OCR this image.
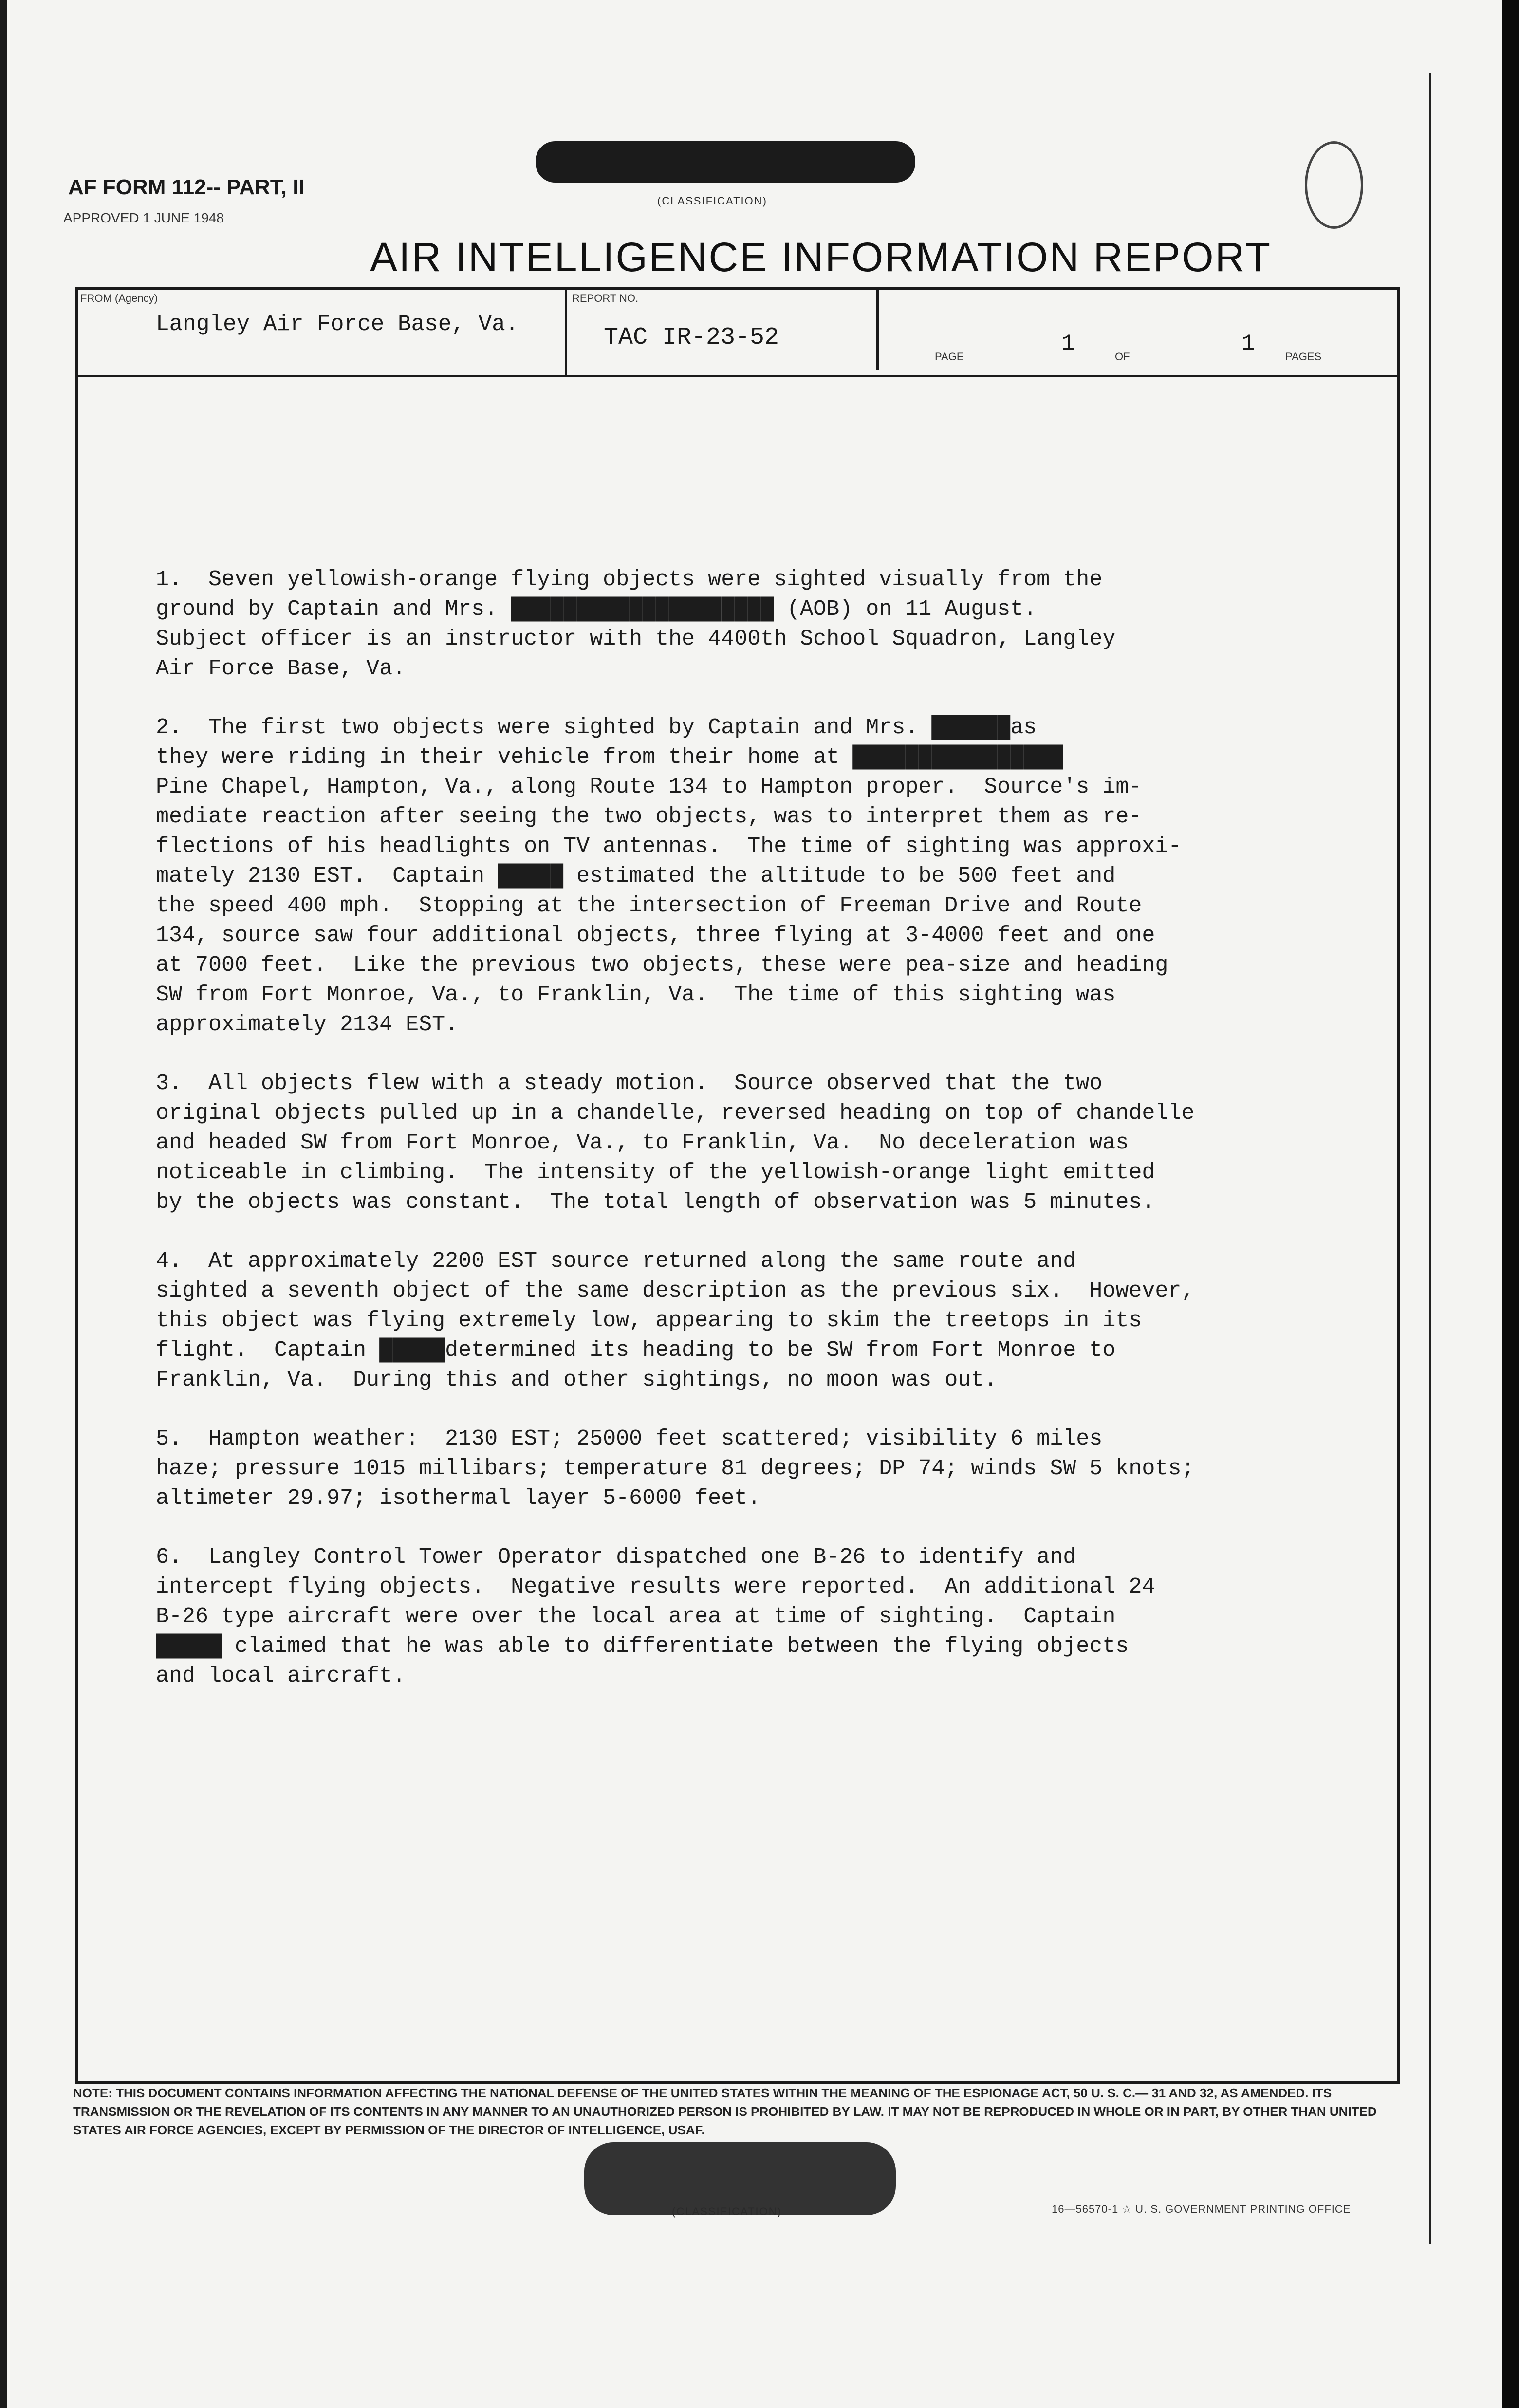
(CLASSIFICATION)
AF FORM 112-- PART, II
APPROVED 1 JUNE 1948
AIR INTELLIGENCE INFORMATION REPORT
FROM (Agency)
Langley Air Force Base, Va.
REPORT NO.
TAC IR-23-52
PAGE
1
OF
1
PAGES

1.  Seven yellowish-orange flying objects were sighted visually from the
ground by Captain and Mrs. ████████████████████ (AOB) on 11 August.
Subject officer is an instructor with the 4400th School Squadron, Langley
Air Force Base, Va.

2.  The first two objects were sighted by Captain and Mrs. ██████as
they were riding in their vehicle from their home at ████████████████
Pine Chapel, Hampton, Va., along Route 134 to Hampton proper.  Source's im-
mediate reaction after seeing the two objects, was to interpret them as re-
flections of his headlights on TV antennas.  The time of sighting was approxi-
mately 2130 EST.  Captain █████ estimated the altitude to be 500 feet and
the speed 400 mph.  Stopping at the intersection of Freeman Drive and Route
134, source saw four additional objects, three flying at 3-4000 feet and one
at 7000 feet.  Like the previous two objects, these were pea-size and heading
SW from Fort Monroe, Va., to Franklin, Va.  The time of this sighting was
approximately 2134 EST.

3.  All objects flew with a steady motion.  Source observed that the two
original objects pulled up in a chandelle, reversed heading on top of chandelle
and headed SW from Fort Monroe, Va., to Franklin, Va.  No deceleration was
noticeable in climbing.  The intensity of the yellowish-orange light emitted
by the objects was constant.  The total length of observation was 5 minutes.

4.  At approximately 2200 EST source returned along the same route and
sighted a seventh object of the same description as the previous six.  However,
this object was flying extremely low, appearing to skim the treetops in its
flight.  Captain █████determined its heading to be SW from Fort Monroe to
Franklin, Va.  During this and other sightings, no moon was out.

5.  Hampton weather:  2130 EST; 25000 feet scattered; visibility 6 miles
haze; pressure 1015 millibars; temperature 81 degrees; DP 74; winds SW 5 knots;
altimeter 29.97; isothermal layer 5-6000 feet.

6.  Langley Control Tower Operator dispatched one B-26 to identify and
intercept flying objects.  Negative results were reported.  An additional 24
B-26 type aircraft were over the local area at time of sighting.  Captain
█████ claimed that he was able to differentiate between the flying objects
and local aircraft.

NOTE: THIS DOCUMENT CONTAINS INFORMATION AFFECTING THE NATIONAL DEFENSE OF THE UNITED STATES WITHIN THE MEANING OF THE ESPIONAGE ACT, 50 U. S. C.— 31 AND 32, AS AMENDED. ITS TRANSMISSION OR THE REVELATION OF ITS CONTENTS IN ANY MANNER TO AN UNAUTHORIZED PERSON IS PROHIBITED BY LAW. IT MAY NOT BE REPRODUCED IN WHOLE OR IN PART, BY OTHER THAN UNITED STATES AIR FORCE AGENCIES, EXCEPT BY PERMISSION OF THE DIRECTOR OF INTELLIGENCE, USAF.
(CLASSIFICATION)	16—56570-1 ☆ U. S. GOVERNMENT PRINTING OFFICE
